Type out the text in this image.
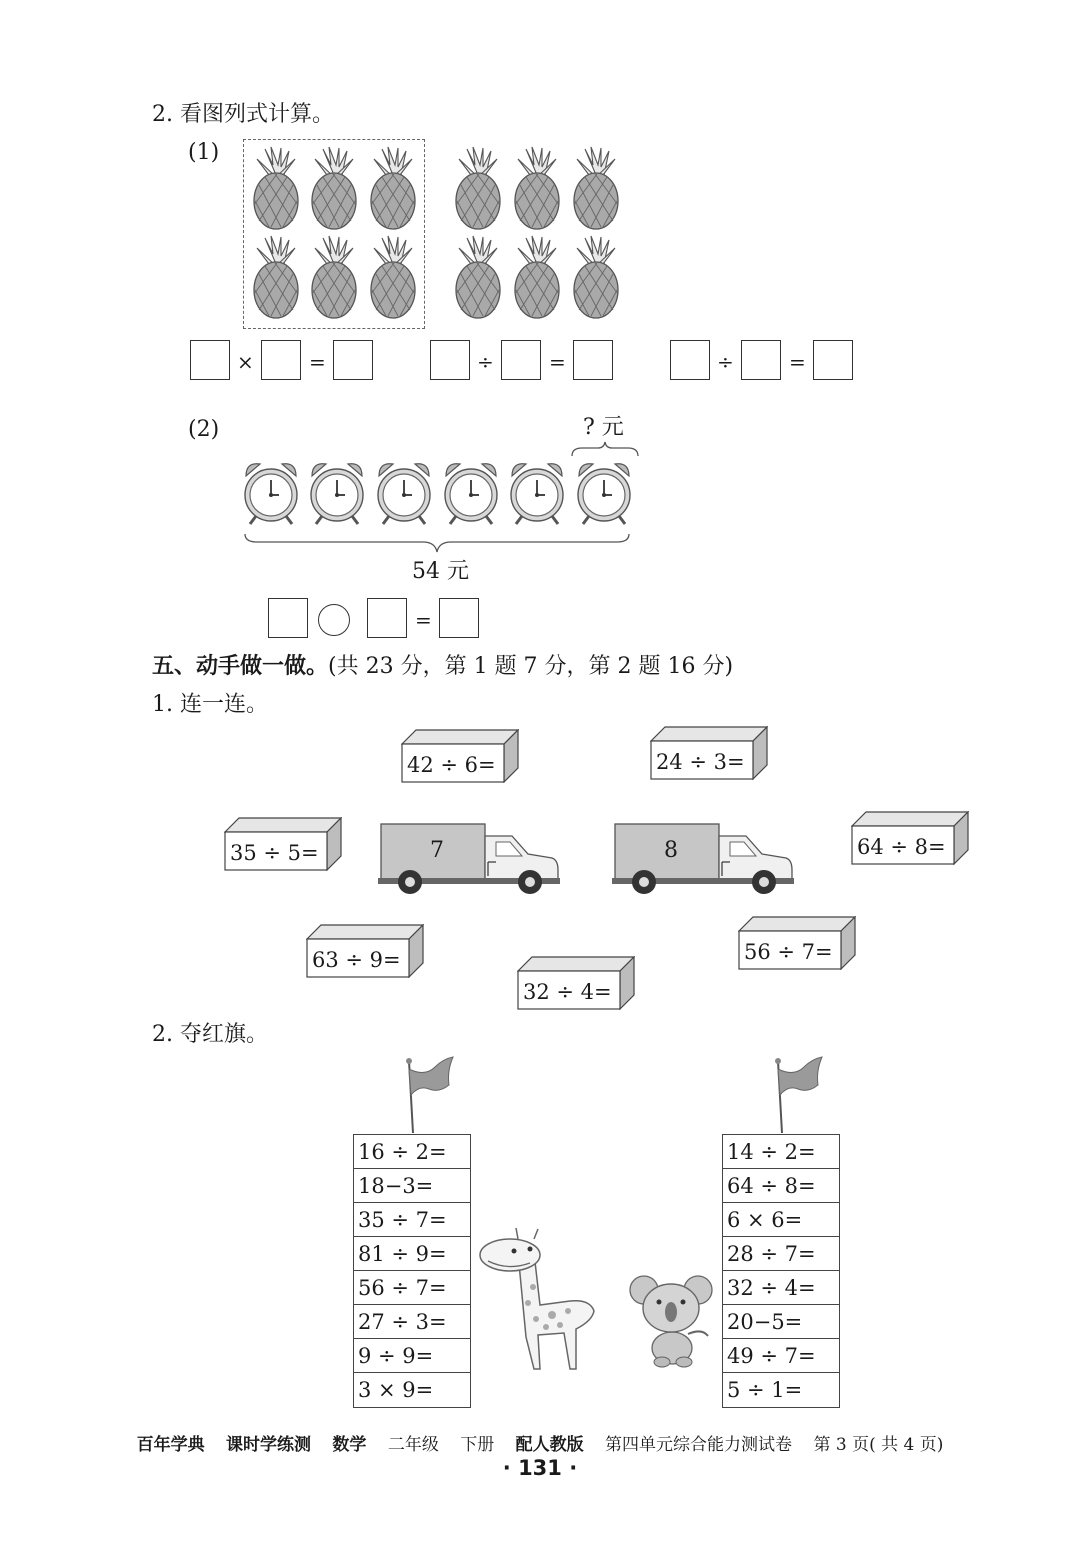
2. 看图列式计算。
(1)
×	=	÷	=	÷	=
(2)	? 元
54 元
=
五、动手做一做。(共 23 分，第 1 题 7 分，第 2 题 16 分)
1. 连一连。
42 ÷ 6=	24 ÷ 3=
35 ÷ 5=	64 ÷ 8=
63 ÷ 9=
32 ÷ 4=
56 ÷ 7=
7	8
2. 夺红旗。
16 ÷ 2=
18−3=
35 ÷ 7=
81 ÷ 9=
56 ÷ 7=
27 ÷ 3=
9 ÷ 9=
3 × 9=
14 ÷ 2=
64 ÷ 8=
6 × 6=
28 ÷ 7=
32 ÷ 4=
20−5=
49 ÷ 7=
5 ÷ 1=
百年学典 课时学练测 数学 二年级 下册 配人教版 第四单元综合能力测试卷 第 3 页( 共 4 页)
· 131 ·
